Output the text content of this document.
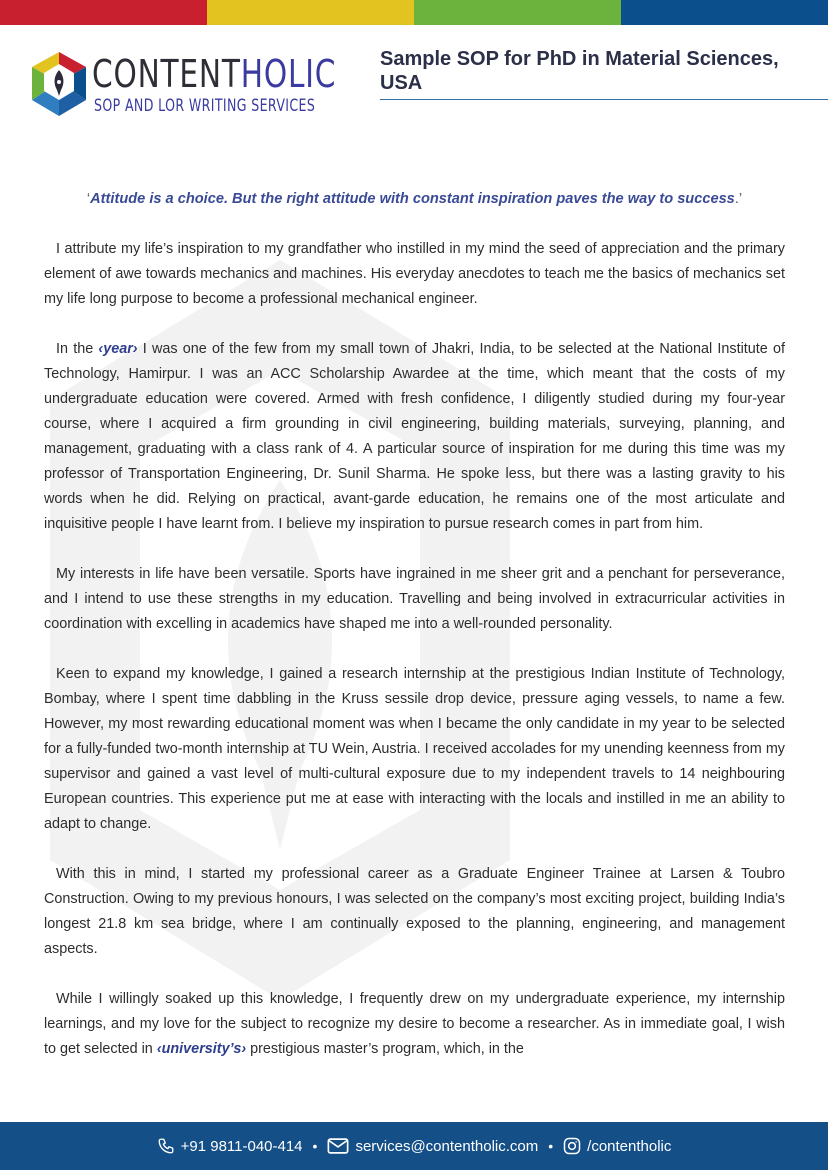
CONTENTHOLIC
SOP AND LOR WRITING SERVICES
Sample SOP for PhD in Material Sciences, USA
‘Attitude is a choice. But the right attitude with constant inspiration paves the way to success.’

I attribute my life’s inspiration to my grandfather who instilled in my mind the seed of appreciation and the primary element of awe towards mechanics and machines. His everyday anecdotes to teach me the basics of mechanics set my life long purpose to become a professional mechanical engineer.

In the ‹year› I was one of the few from my small town of Jhakri, India, to be selected at the National Institute of Technology, Hamirpur. I was an ACC Scholarship Awardee at the time, which meant that the costs of my undergraduate education were covered. Armed with fresh confidence, I diligently studied during my four-year course, where I acquired a firm grounding in civil engineering, building materials, surveying, planning, and management, graduating with a class rank of 4. A particular source of inspiration for me during this time was my professor of Transportation Engineering, Dr. Sunil Sharma. He spoke less, but there was a lasting gravity to his words when he did. Relying on practical, avant-garde education, he remains one of the most articulate and inquisitive people I have learnt from. I believe my inspiration to pursue research comes in part from him.

My interests in life have been versatile. Sports have ingrained in me sheer grit and a penchant for perseverance, and I intend to use these strengths in my education. Travelling and being involved in extracurricular activities in coordination with excelling in academics have shaped me into a well-rounded personality.

Keen to expand my knowledge, I gained a research internship at the prestigious Indian Institute of Technology, Bombay, where I spent time dabbling in the Kruss sessile drop device, pressure aging vessels, to name a few. However, my most rewarding educational moment was when I became the only candidate in my year to be selected for a fully-funded two-month internship at TU Wein, Austria. I received accolades for my unending keenness from my supervisor and gained a vast level of multi-cultural exposure due to my independent travels to 14 neighbouring European countries. This experience put me at ease with interacting with the locals and instilled in me an ability to adapt to change.

With this in mind, I started my professional career as a Graduate Engineer Trainee at Larsen & Toubro Construction. Owing to my previous honours, I was selected on the company’s most exciting project, building India’s longest 21.8 km sea bridge, where I am continually exposed to the planning, engineering, and management aspects.

While I willingly soaked up this knowledge, I frequently drew on my undergraduate experience, my internship learnings, and my love for the subject to recognize my desire to become a researcher. As in immediate goal, I wish to get selected in ‹university’s› prestigious master’s program, which, in the

+91 9811-040-414 •	services@contentholic.com • /contentholic
